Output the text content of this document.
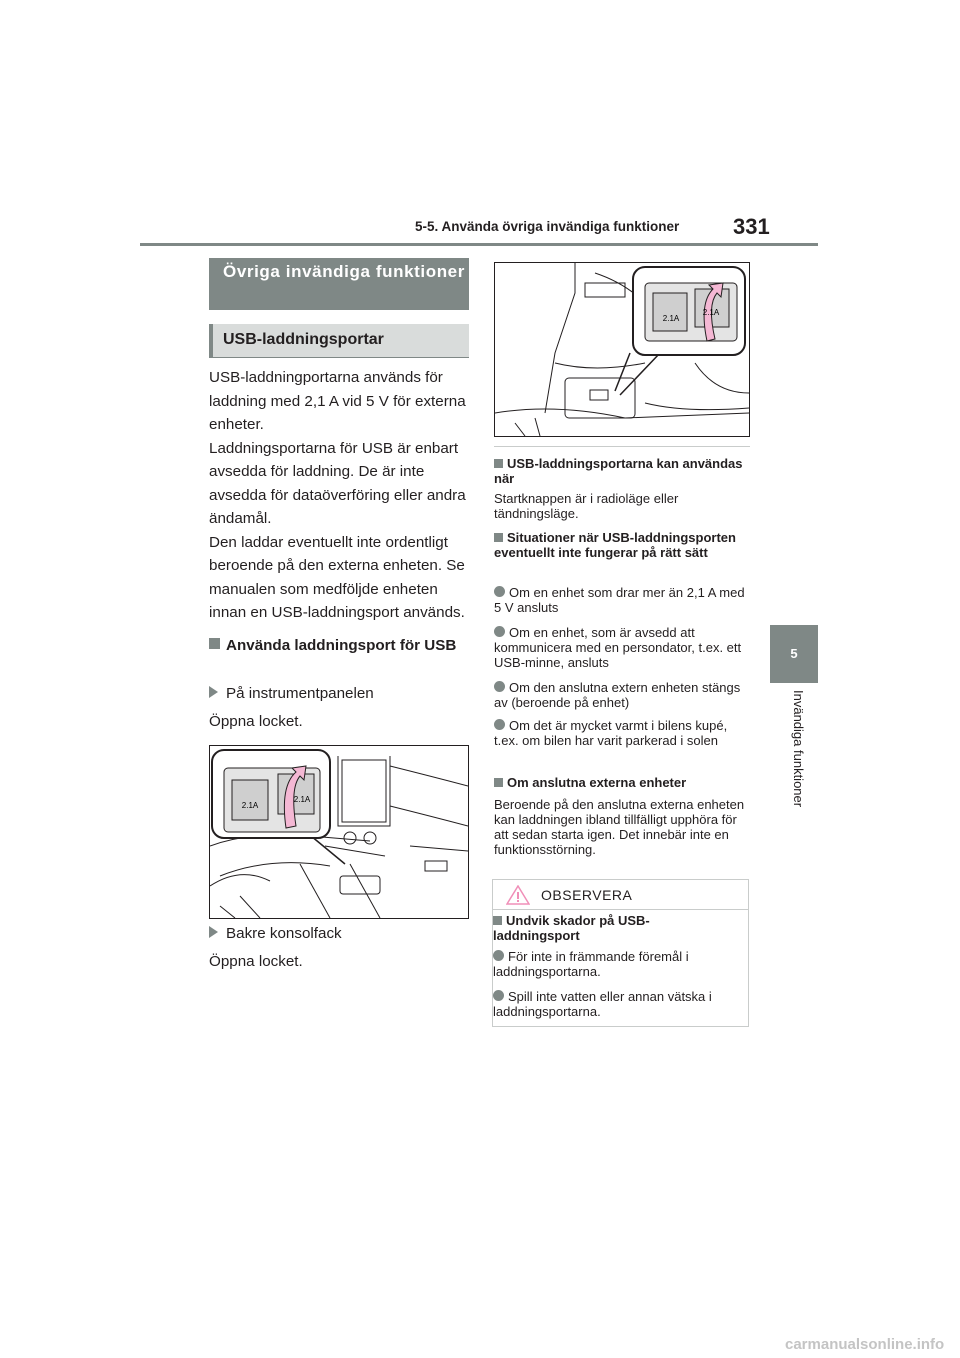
5-5. Använda övriga invändiga funktioner 331
5
Invändiga funktioner
Övriga invändiga funktioner
USB-laddningsportar
USB-laddningportarna används för laddning med 2,1 A vid 5 V för externa enheter.
Laddningsportarna för USB är enbart avsedda för laddning. De är inte avsedda för dataöverföring eller andra ändamål.
Den laddar eventuellt inte ordentligt beroende på den externa enheten. Se manualen som medföljde enheten innan en USB-laddningsport används.
Använda laddningsport för USB
På instrumentpanelen
Öppna locket.
2.1A
2.1A
Bakre konsolfack
Öppna locket.
2.1A
2.1A
USB-laddningsportarna kan användas när
Startknappen är i radioläge eller tändningsläge.
Situationer när USB-laddningsporten eventuellt inte fungerar på rätt sätt
Om en enhet som drar mer än 2,1 A med 5 V ansluts
Om en enhet, som är avsedd att kommunicera med en persondator, t.ex. ett USB-minne, ansluts
Om den anslutna extern enheten stängs av (beroende på enhet)
Om det är mycket varmt i bilens kupé, t.ex. om bilen har varit parkerad i solen
Om anslutna externa enheter
Beroende på den anslutna externa enheten kan laddningen ibland tillfälligt upphöra för att sedan starta igen. Det innebär inte en funktionsstörning.
OBSERVERA
Undvik skador på USB-laddningsport
För inte in främmande föremål i laddningsportarna.
Spill inte vatten eller annan vätska i laddningsportarna.
carmanualsonline.info
